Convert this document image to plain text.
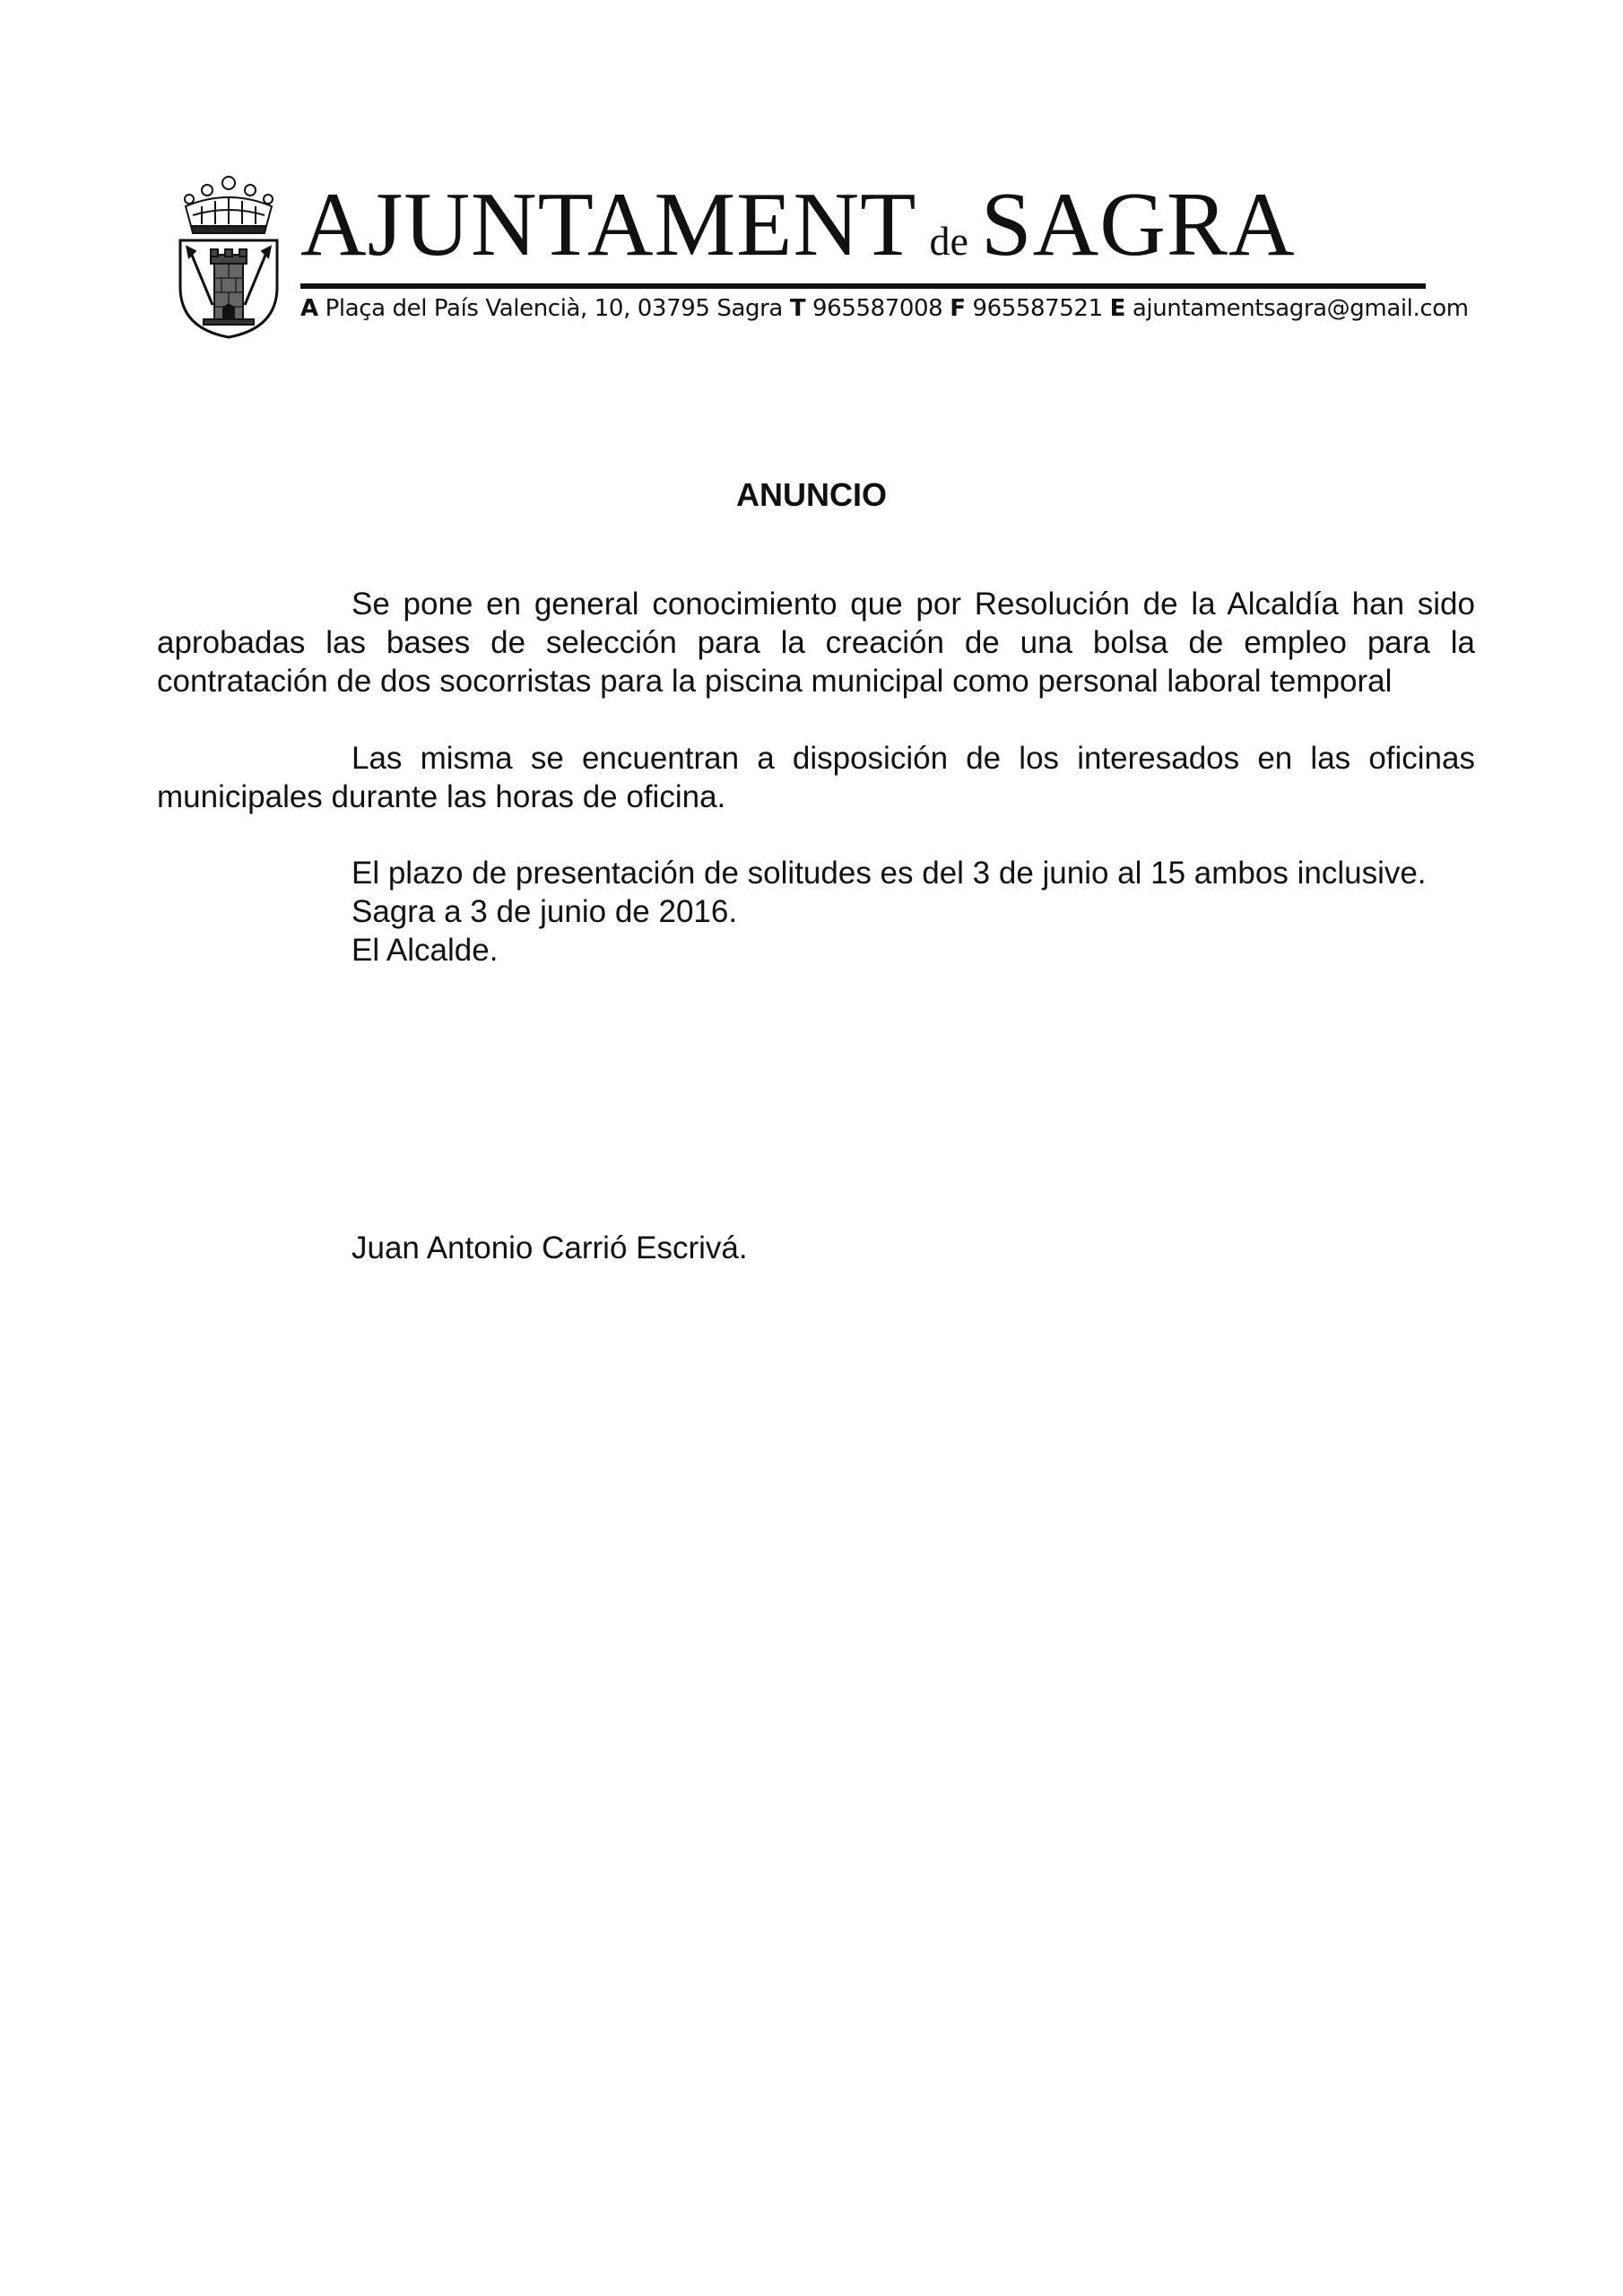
AJUNTAMENT de SAGRA
A Plaça del País Valencià, 10, 03795 Sagra T 965587008 F 965587521 E ajuntamentsagra@gmail.com
ANUNCIO

Se pone en general conocimiento que por Resolución de la Alcaldía han sido aprobadas las bases de selección para la creación de una bolsa de empleo para la contratación de dos socorristas para la piscina municipal como personal laboral temporal

Las misma se encuentran a disposición de los interesados en las oficinas municipales durante las horas de oficina.

El plazo de presentación de solitudes es del 3 de junio al 15 ambos inclusive.
Sagra a 3 de junio de 2016.
El Alcalde.
Juan Antonio Carrió Escrivá.
